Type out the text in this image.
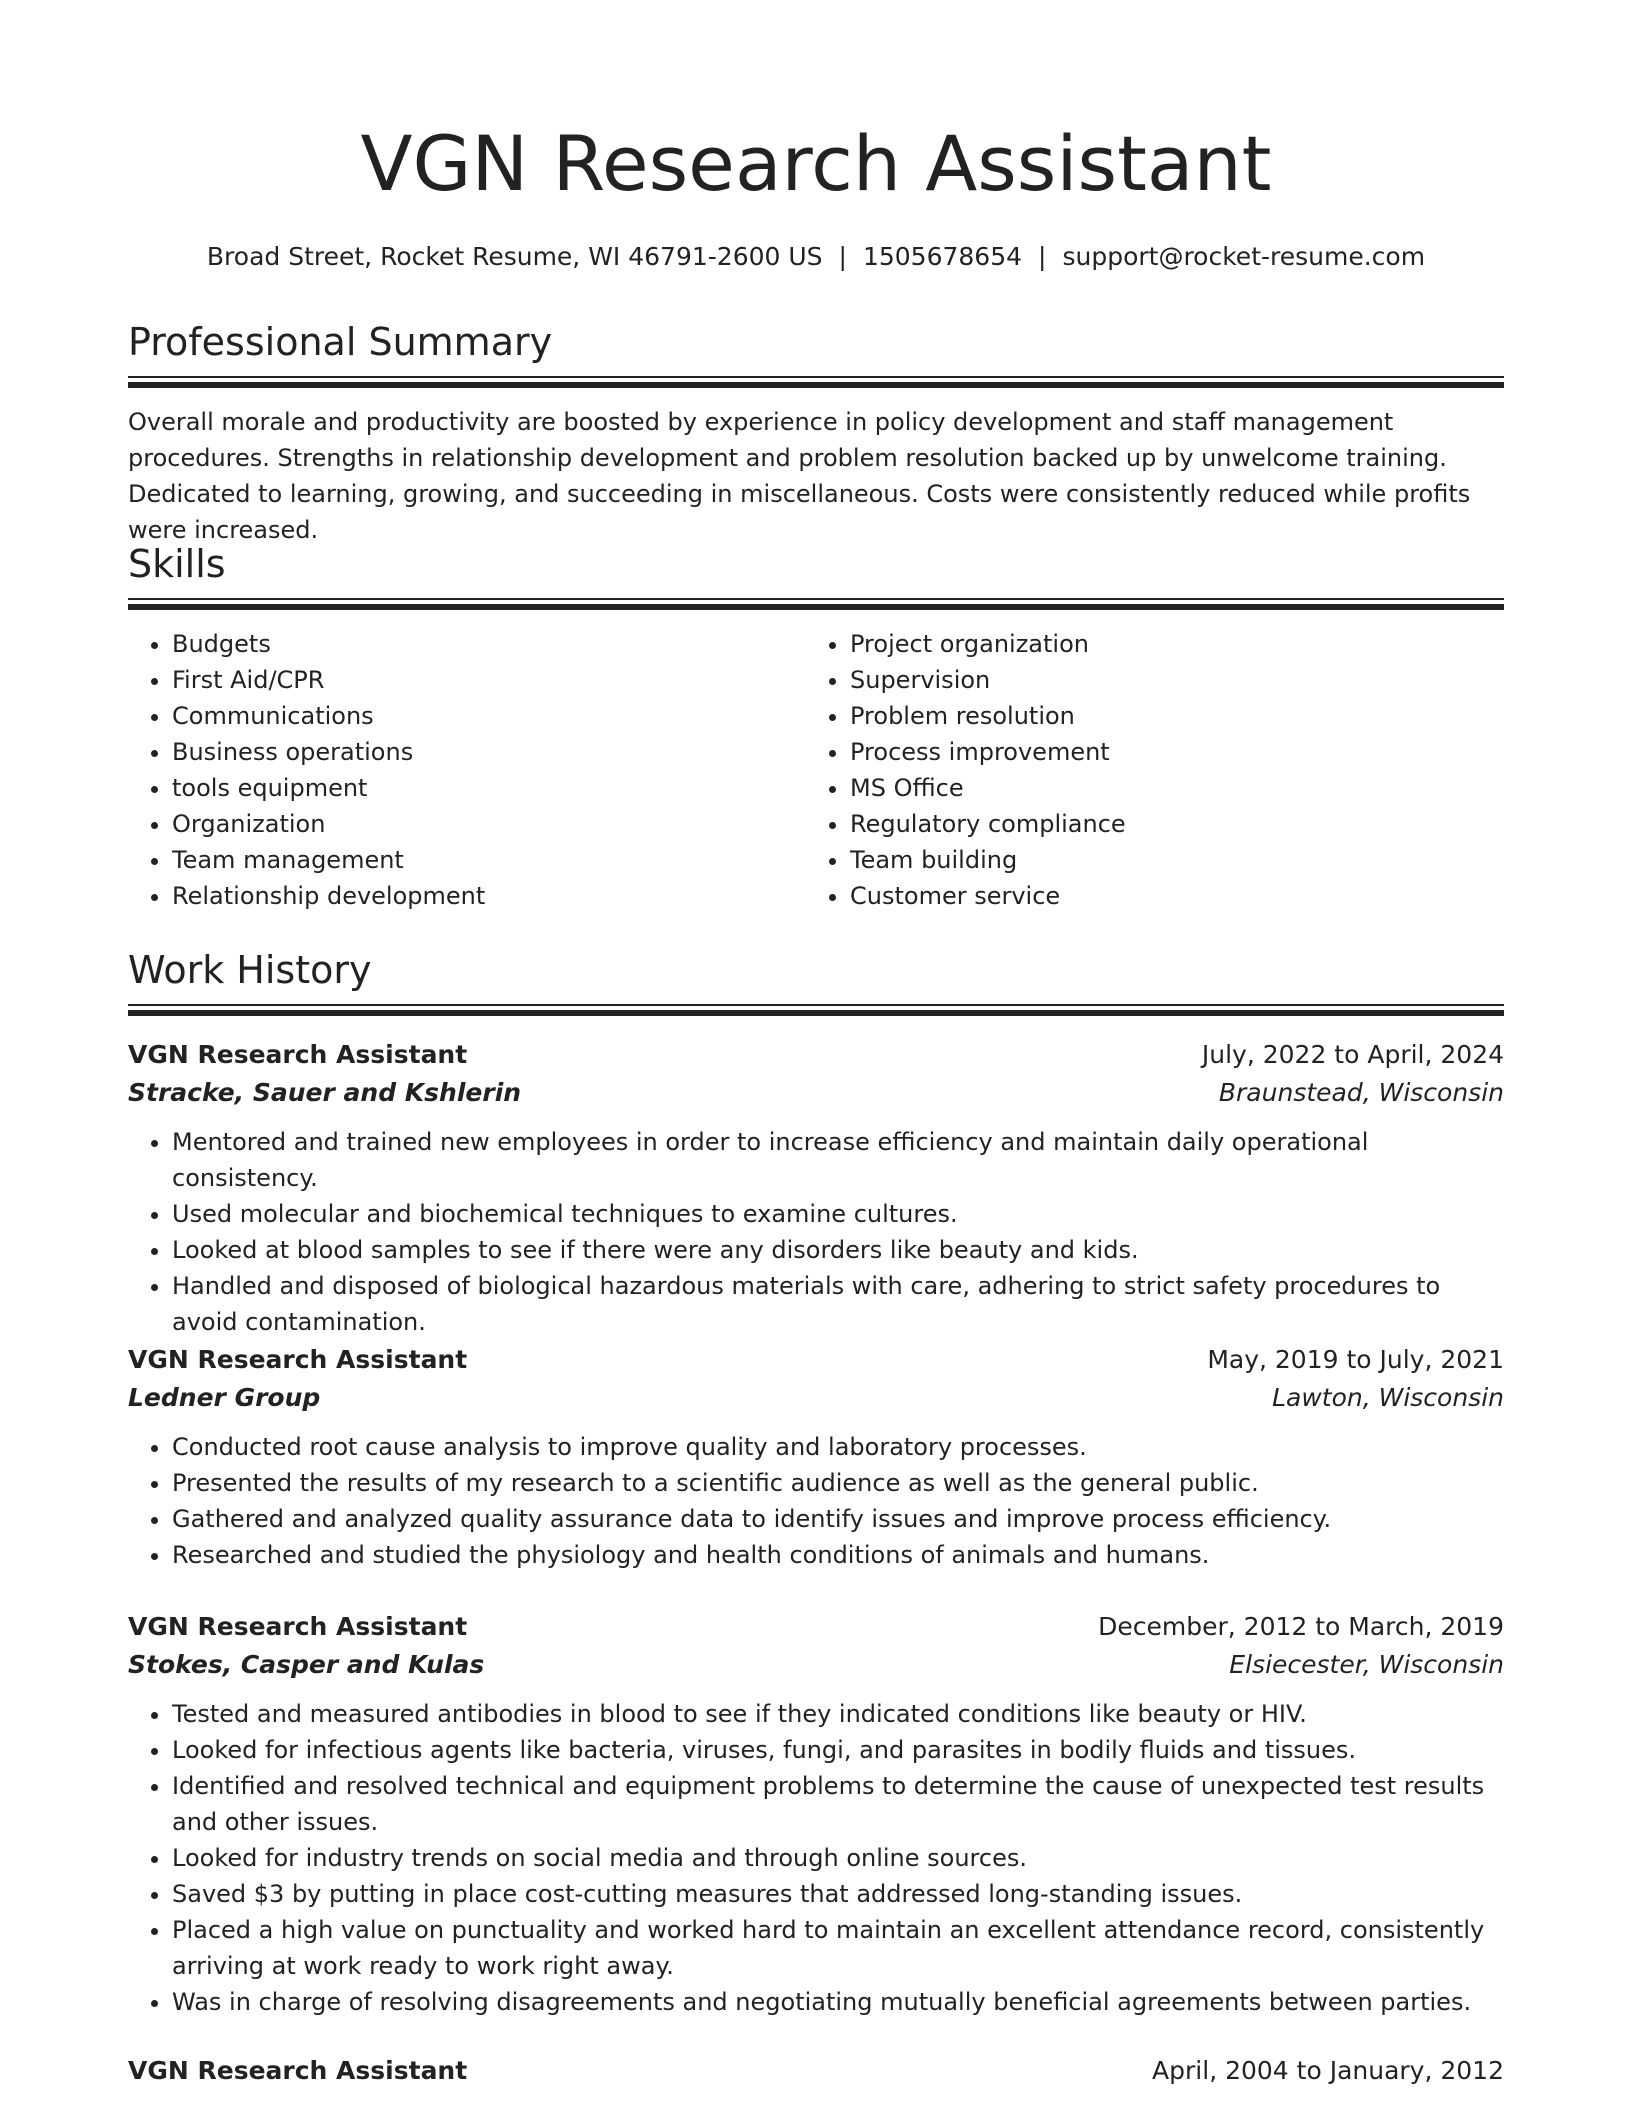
VGN Research Assistant
Broad Street, Rocket Resume, WI 46791-2600 US | 1505678654 | support@rocket-resume.com
Professional Summary

Overall morale and productivity are boosted by experience in policy development and staff management procedures. Strengths in relationship development and problem resolution backed up by unwelcome training. Dedicated to learning, growing, and succeeding in miscellaneous. Costs were consistently reduced while profits were increased.

Skills
• Budgets
• First Aid/CPR
• Communications
• Business operations
• tools equipment
• Organization
• Team management
• Relationship development
• Project organization
• Supervision
• Problem resolution
• Process improvement
• MS Office
• Regulatory compliance
• Team building
• Customer service
Work History
VGN Research Assistant	July, 2022 to April, 2024
Stracke, Sauer and Kshlerin	Braunstead, Wisconsin
• Mentored and trained new employees in order to increase efficiency and maintain daily operational consistency.
• Used molecular and biochemical techniques to examine cultures.
• Looked at blood samples to see if there were any disorders like beauty and kids.
• Handled and disposed of biological hazardous materials with care, adhering to strict safety procedures to avoid contamination.
VGN Research Assistant	May, 2019 to July, 2021
Ledner Group	Lawton, Wisconsin
• Conducted root cause analysis to improve quality and laboratory processes.
• Presented the results of my research to a scientific audience as well as the general public.
• Gathered and analyzed quality assurance data to identify issues and improve process efficiency.
• Researched and studied the physiology and health conditions of animals and humans.
VGN Research Assistant	December, 2012 to March, 2019
Stokes, Casper and Kulas	Elsiecester, Wisconsin
• Tested and measured antibodies in blood to see if they indicated conditions like beauty or HIV.
• Looked for infectious agents like bacteria, viruses, fungi, and parasites in bodily fluids and tissues.
• Identified and resolved technical and equipment problems to determine the cause of unexpected test results and other issues.
• Looked for industry trends on social media and through online sources.
• Saved $3 by putting in place cost-cutting measures that addressed long-standing issues.
• Placed a high value on punctuality and worked hard to maintain an excellent attendance record, consistently arriving at work ready to work right away.
• Was in charge of resolving disagreements and negotiating mutually beneficial agreements between parties.
VGN Research Assistant	April, 2004 to January, 2012
